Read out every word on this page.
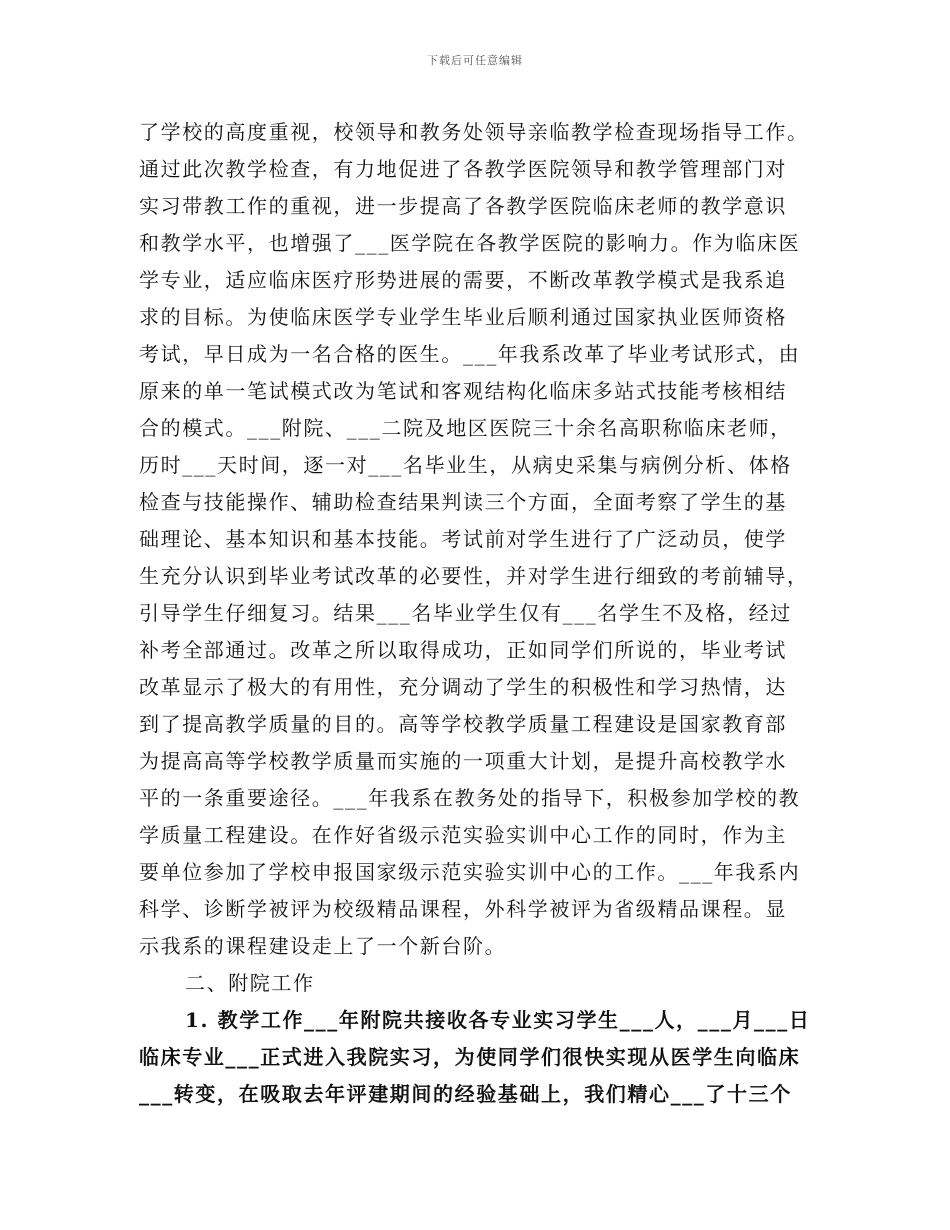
下载后可任意编辑
了学校的高度重视，校领导和教务处领导亲临教学检查现场指导工作。
通过此次教学检查，有力地促进了各教学医院领导和教学管理部门对
实习带教工作的重视，进一步提高了各教学医院临床老师的教学意识
和教学水平，也增强了___医学院在各教学医院的影响力。作为临床医
学专业，适应临床医疗形势进展的需要，不断改革教学模式是我系追
求的目标。为使临床医学专业学生毕业后顺利通过国家执业医师资格
考试，早日成为一名合格的医生。___年我系改革了毕业考试形式，由
原来的单一笔试模式改为笔试和客观结构化临床多站式技能考核相结
合的模式。___附院、___二院及地区医院三十余名高职称临床老师，
历时___天时间，逐一对___名毕业生，从病史采集与病例分析、体格
检查与技能操作、辅助检查结果判读三个方面，全面考察了学生的基
础理论、基本知识和基本技能。考试前对学生进行了广泛动员，使学
生充分认识到毕业考试改革的必要性，并对学生进行细致的考前辅导，
引导学生仔细复习。结果___名毕业学生仅有___名学生不及格，经过
补考全部通过。改革之所以取得成功，正如同学们所说的，毕业考试
改革显示了极大的有用性，充分调动了学生的积极性和学习热情，达
到了提高教学质量的目的。高等学校教学质量工程建设是国家教育部
为提高高等学校教学质量而实施的一项重大计划，是提升高校教学水
平的一条重要途径。___年我系在教务处的指导下，积极参加学校的教
学质量工程建设。在作好省级示范实验实训中心工作的同时，作为主
要单位参加了学校申报国家级示范实验实训中心的工作。___年我系内
科学、诊断学被评为校级精品课程，外科学被评为省级精品课程。显
示我系的课程建设走上了一个新台阶。
二、附院工作
1. 教学工作___年附院共接收各专业实习学生___人，___月___日
临床专业___正式进入我院实习，为使同学们很快实现从医学生向临床
___转变，在吸取去年评建期间的经验基础上，我们精心___了十三个
